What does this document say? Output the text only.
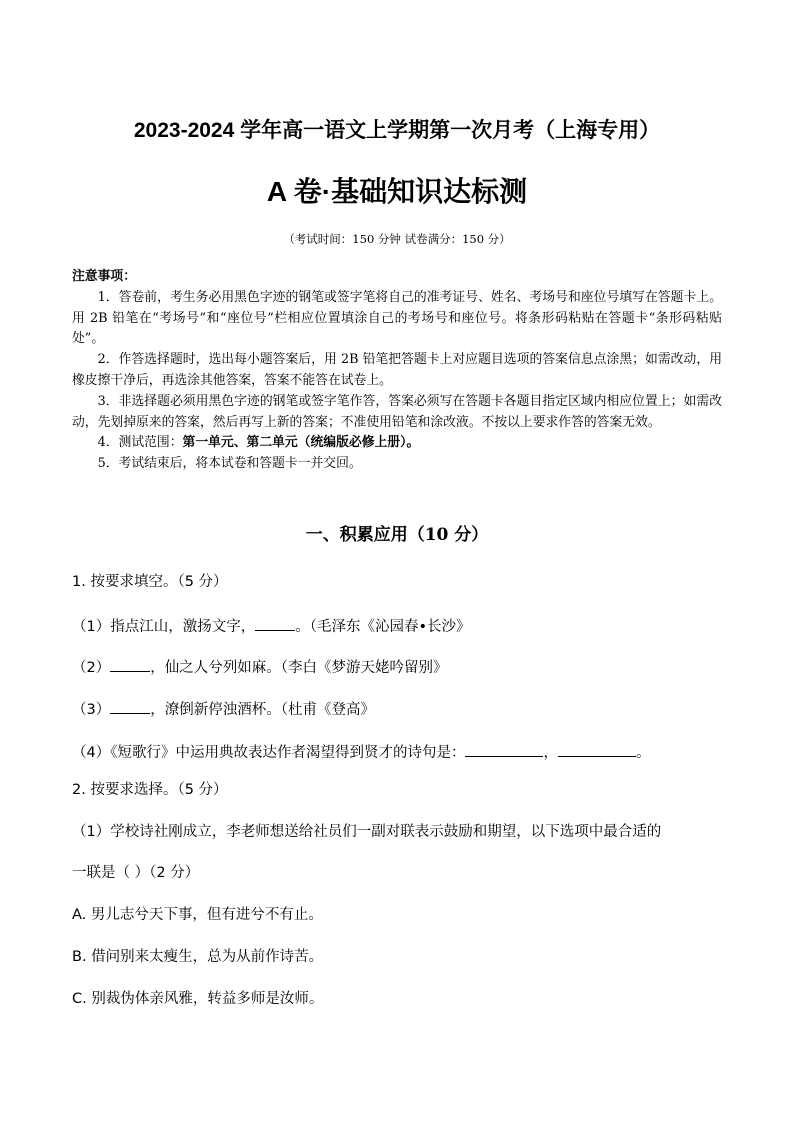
2023-2024 学年高一语文上学期第一次月考（上海专用）
A 卷·基础知识达标测
（考试时间：150 分钟 试卷满分：150 分）
注意事项：
1．答卷前，考生务必用黑色字迹的钢笔或签字笔将自己的准考证号、姓名、考场号和座位号填写在答题卡上。用 2B 铅笔在“考场号”和“座位号”栏相应位置填涂自己的考场号和座位号。将条形码粘贴在答题卡“条形码粘贴处”。
2．作答选择题时，选出每小题答案后，用 2B 铅笔把答题卡上对应题目选项的答案信息点涂黑；如需改动，用橡皮擦干净后，再选涂其他答案，答案不能答在试卷上。
3．非选择题必须用黑色字迹的钢笔或签字笔作答，答案必须写在答题卡各题目指定区域内相应位置上；如需改动，先划掉原来的答案，然后再写上新的答案；不准使用铅笔和涂改液。不按以上要求作答的答案无效。
4．测试范围：第一单元、第二单元（统编版必修上册）。
5．考试结束后，将本试卷和答题卡一并交回。
一、积累应用（10 分）
1. 按要求填空。（5 分）
（1）指点江山，激扬文字，	。（毛泽东《沁园春•长沙》
（2）	，仙之人兮列如麻。（李白《梦游天姥吟留别》
（3）	，潦倒新停浊酒杯。（杜甫《登高》
（4）《短歌行》中运用典故表达作者渴望得到贤才的诗句是：	，	。
2. 按要求选择。（5 分）
（1）学校诗社刚成立，李老师想送给社员们一副对联表示鼓励和期望，以下选项中最合适的
一联是（ ）（2 分）
A. 男儿志兮天下事，但有进兮不有止。
B. 借问别来太瘦生，总为从前作诗苦。
C. 别裁伪体亲风雅，转益多师是汝师。
